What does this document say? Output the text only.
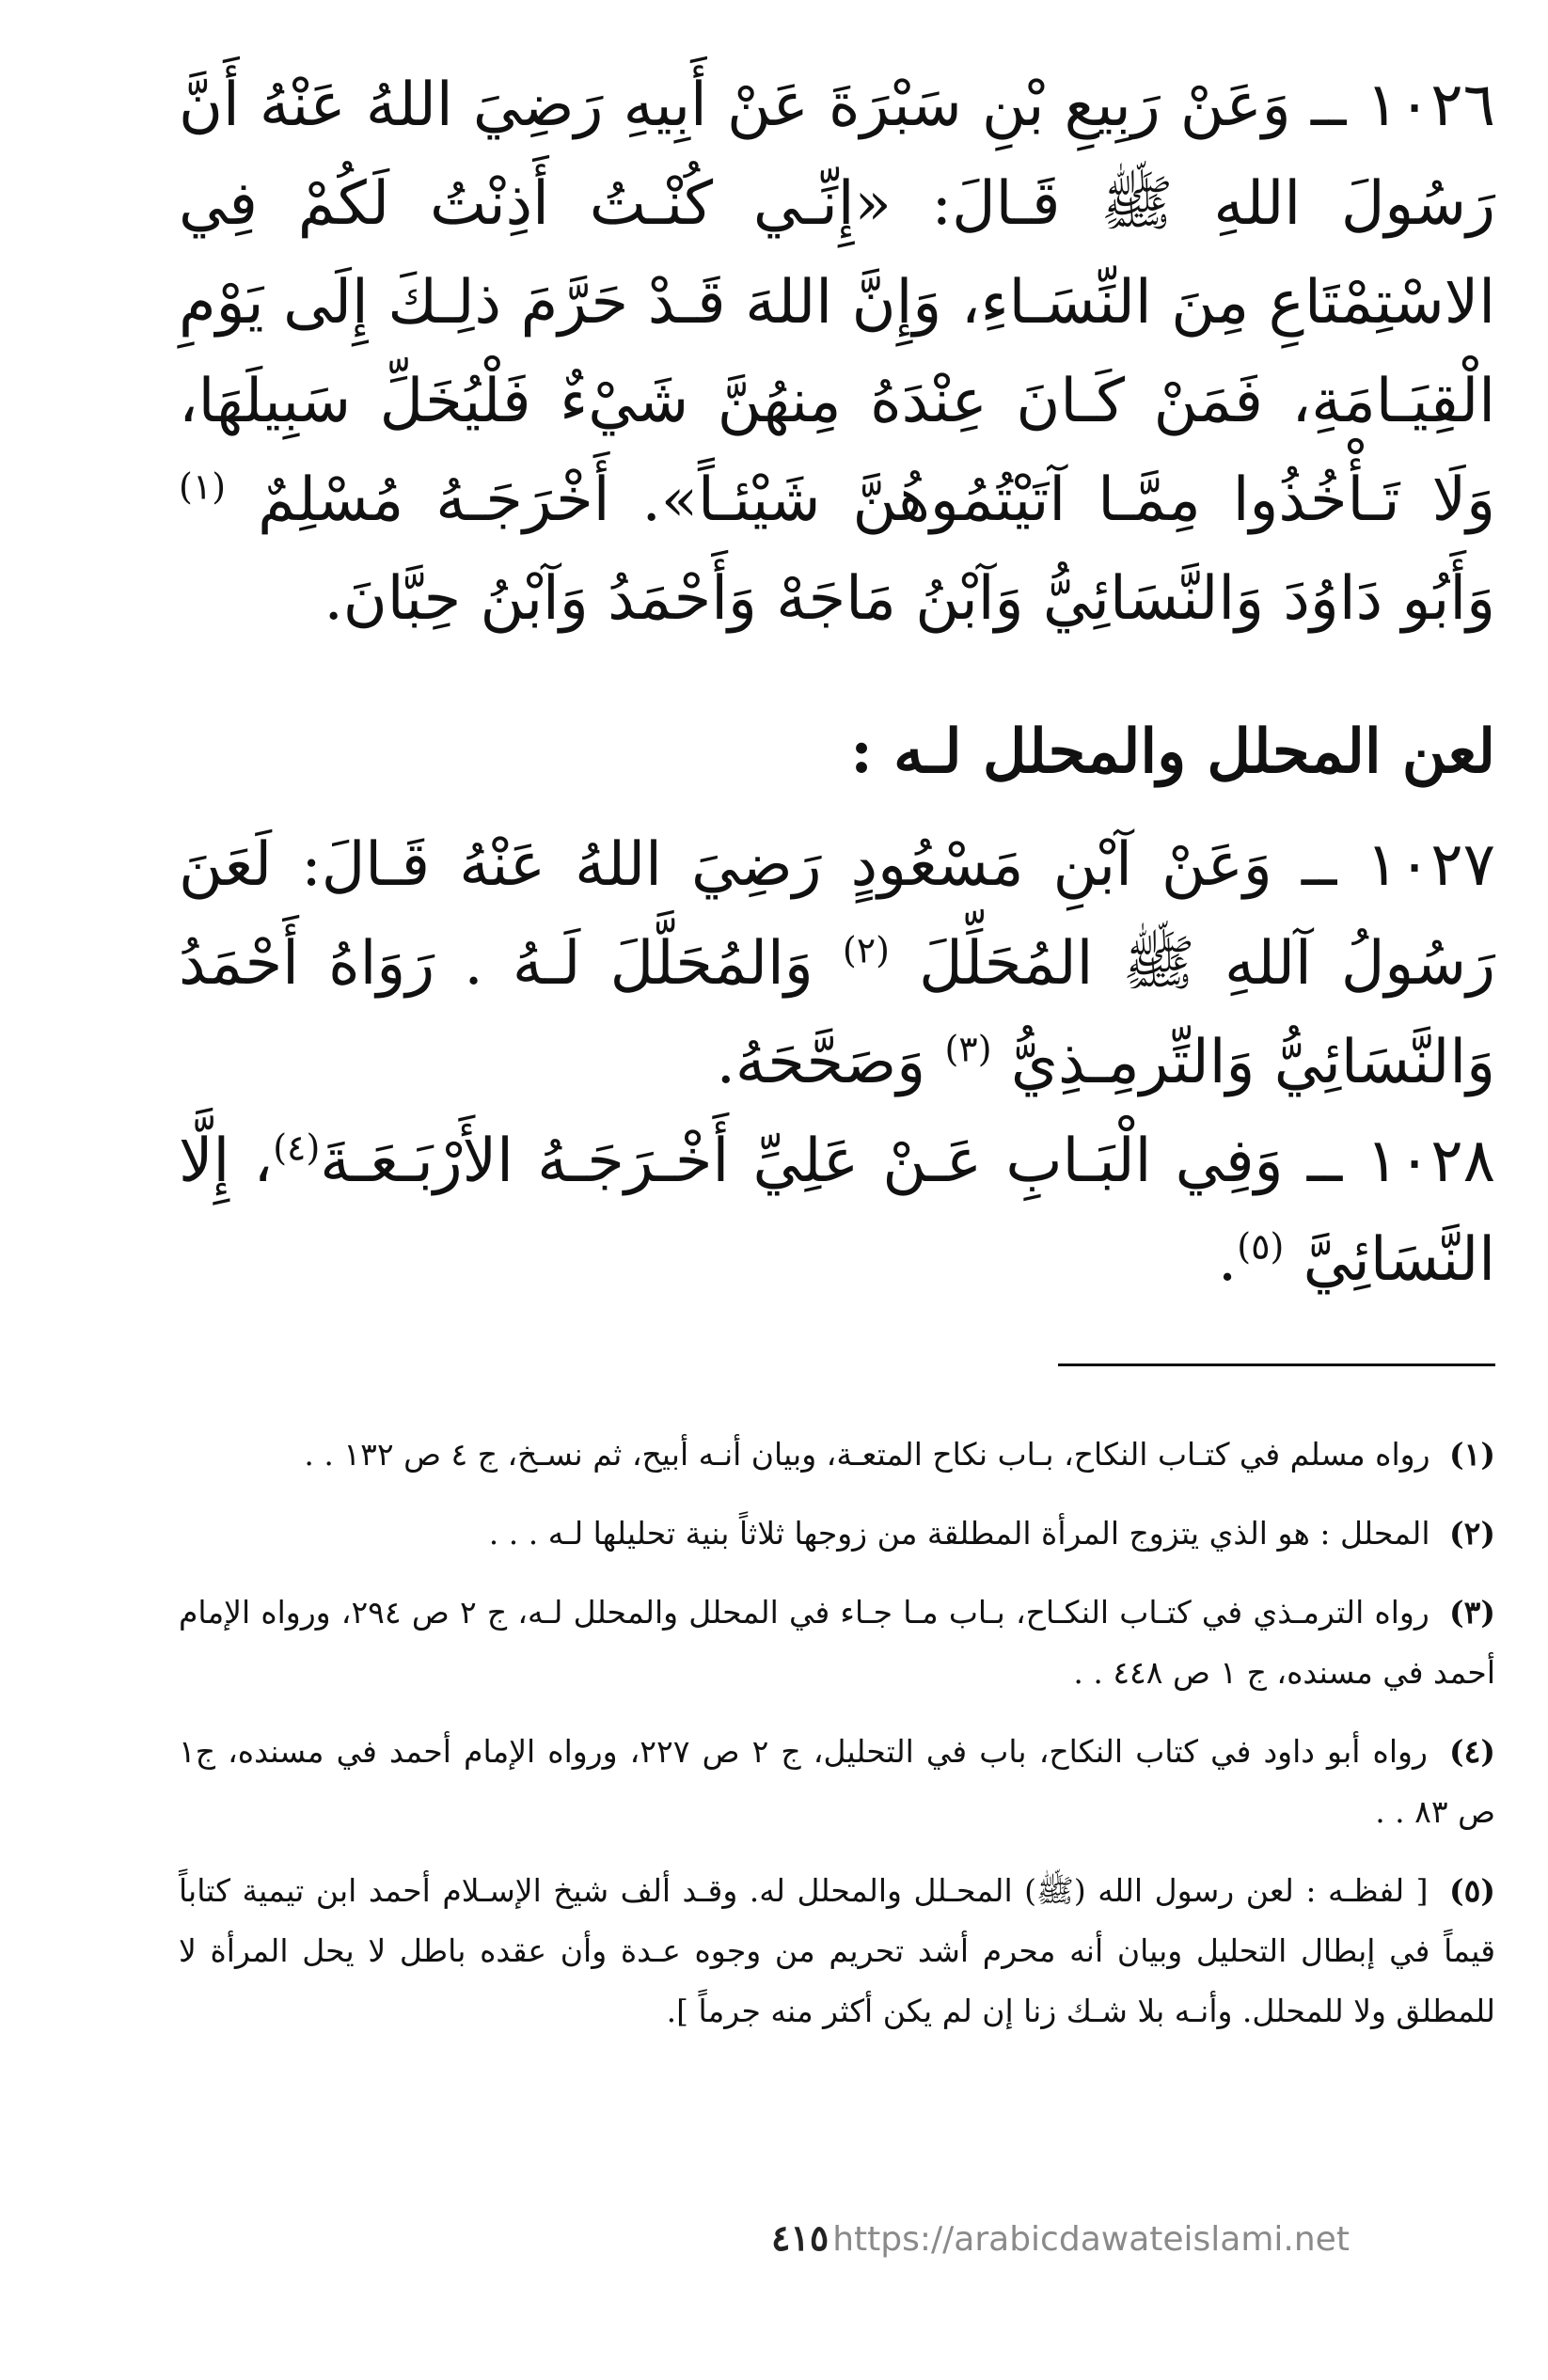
١٠٢٦ ــ وَعَنْ رَبِيعِ بْنِ سَبْرَةَ عَنْ أَبِيهِ رَضِيَ اللهُ عَنْهُ أَنَّ رَسُولَ اللهِ ﷺ قَـالَ: «إِنِّـي كُنْـتُ أَذِنْتُ لَكُمْ فِي الاسْتِمْتَاعِ مِنَ النِّسَـاءِ، وَإِنَّ اللهَ قَـدْ حَرَّمَ ذلِـكَ إِلَى يَوْمِ الْقِيَـامَةِ، فَمَنْ كَـانَ عِنْدَهُ مِنهُنَّ شَيْءٌ فَلْيُخَلِّ سَبِيلَهَا، وَلَا تَـأْخُذُوا مِمَّـا آتَيْتُمُوهُنَّ شَيْئـاً». أَخْرَجَـهُ مُسْلِمٌ $^{(١)}$ وَأَبُو دَاوُدَ وَالنَّسَائِيُّ وَآبْنُ مَاجَهْ وَأَحْمَدُ وَآبْنُ حِبَّانَ.

لعن المحلل والمحلل لـه :

١٠٢٧ ــ وَعَنْ آبْنِ مَسْعُودٍ رَضِيَ اللهُ عَنْهُ قَـالَ: لَعَنَ رَسُولُ آللهِ ﷺ المُحَلِّلَ $^{(٢)}$ وَالمُحَلَّلَ لَـهُ . رَوَاهُ أَحْمَدُ وَالنَّسَائِيُّ وَالتِّرمِـذِيُّ $^{(٣)}$ وَصَحَّحَهُ.

١٠٢٨ ــ وَفِي الْبَـابِ عَـنْ عَلِيِّ أَخْـرَجَـهُ الأَرْبَـعَـةَ$^{(٤)}$، إِلَّا النَّسَائِيَّ $^{(٥)}$.

(١) رواه مسلم في كتـاب النكاح، بـاب نكاح المتعـة، وبيان أنـه أبيح، ثم نسـخ، ج ٤ ص ١٣٢ . .

(٢) المحلل : هو الذي يتزوج المرأة المطلقة من زوجها ثلاثاً بنية تحليلها لـه . . .

(٣) رواه الترمـذي في كتـاب النكـاح، بـاب مـا جـاء في المحلل والمحلل لـه، ج ٢ ص ٢٩٤، ورواه الإمام أحمد في مسنده، ج ١ ص ٤٤٨ . .

(٤) رواه أبو داود في كتاب النكاح، باب في التحليل، ج ٢ ص ٢٢٧، ورواه الإمام أحمد في مسنده، ج١ ص ٨٣ . .

(٥) [ لفظـه : لعن رسول الله (ﷺ) المحـلل والمحلل له. وقـد ألف شيخ الإسـلام أحمد ابن تيمية كتاباً قيماً في إبطال التحليل وبيان أنه محرم أشد تحريم من وجوه عـدة وأن عقده باطل لا يحل المرأة لا للمطلق ولا للمحلل. وأنـه بلا شـك زنا إن لم يكن أكثر منه جرماً ].

٤١٥ https://arabicdawateislami.net
